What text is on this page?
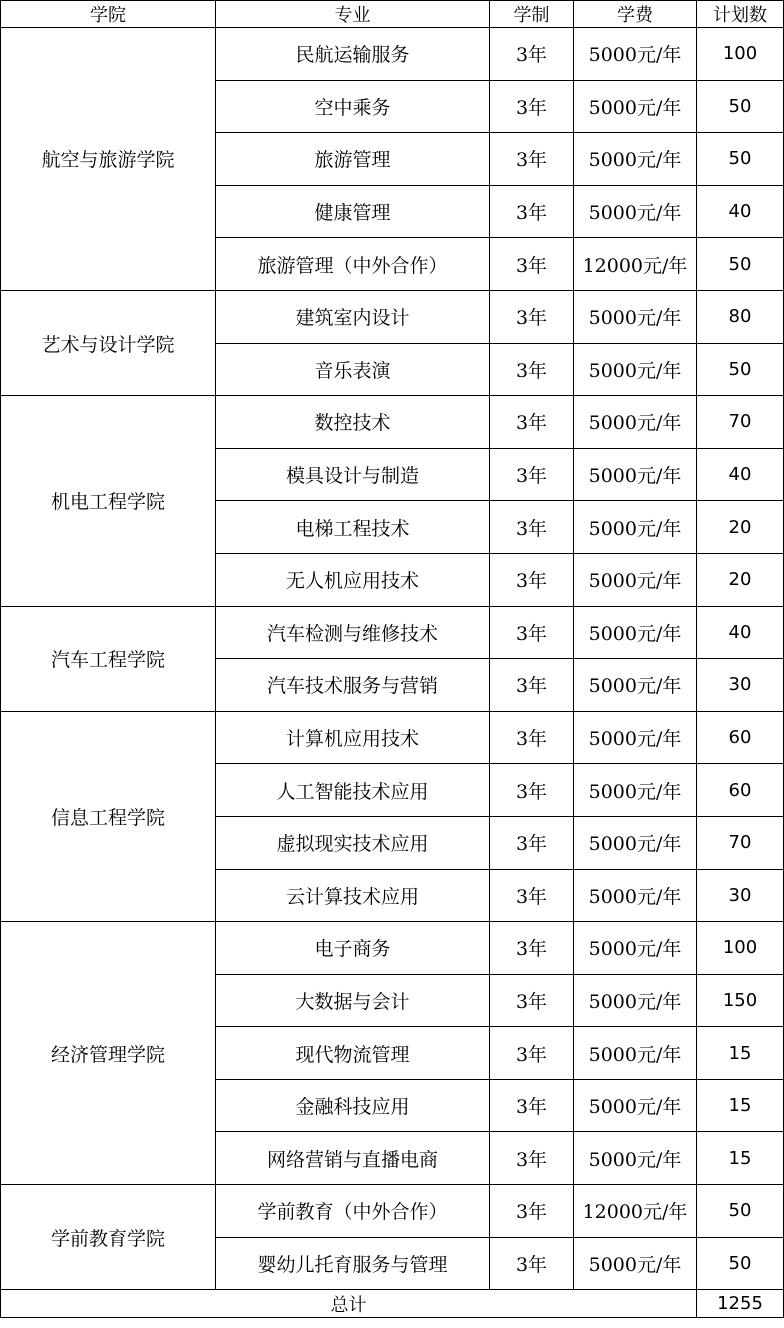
学院	专业	学制	学费	计划数
航空与旅游学院	民航运输服务	3年	5000元/年	100
	空中乘务	3年	5000元/年	50
	旅游管理	3年	5000元/年	50
	健康管理	3年	5000元/年	40
	旅游管理（中外合作）	3年	12000元/年	50
艺术与设计学院	建筑室内设计	3年	5000元/年	80
	音乐表演	3年	5000元/年	50
机电工程学院	数控技术	3年	5000元/年	70
	模具设计与制造	3年	5000元/年	40
	电梯工程技术	3年	5000元/年	20
	无人机应用技术	3年	5000元/年	20
汽车工程学院	汽车检测与维修技术	3年	5000元/年	40
	汽车技术服务与营销	3年	5000元/年	30
信息工程学院	计算机应用技术	3年	5000元/年	60
	人工智能技术应用	3年	5000元/年	60
	虚拟现实技术应用	3年	5000元/年	70
	云计算技术应用	3年	5000元/年	30
经济管理学院	电子商务	3年	5000元/年	100
	大数据与会计	3年	5000元/年	150
	现代物流管理	3年	5000元/年	15
	金融科技应用	3年	5000元/年	15
	网络营销与直播电商	3年	5000元/年	15
学前教育学院	学前教育（中外合作）	3年	12000元/年	50
	婴幼儿托育服务与管理	3年	5000元/年	50
总计				1255
